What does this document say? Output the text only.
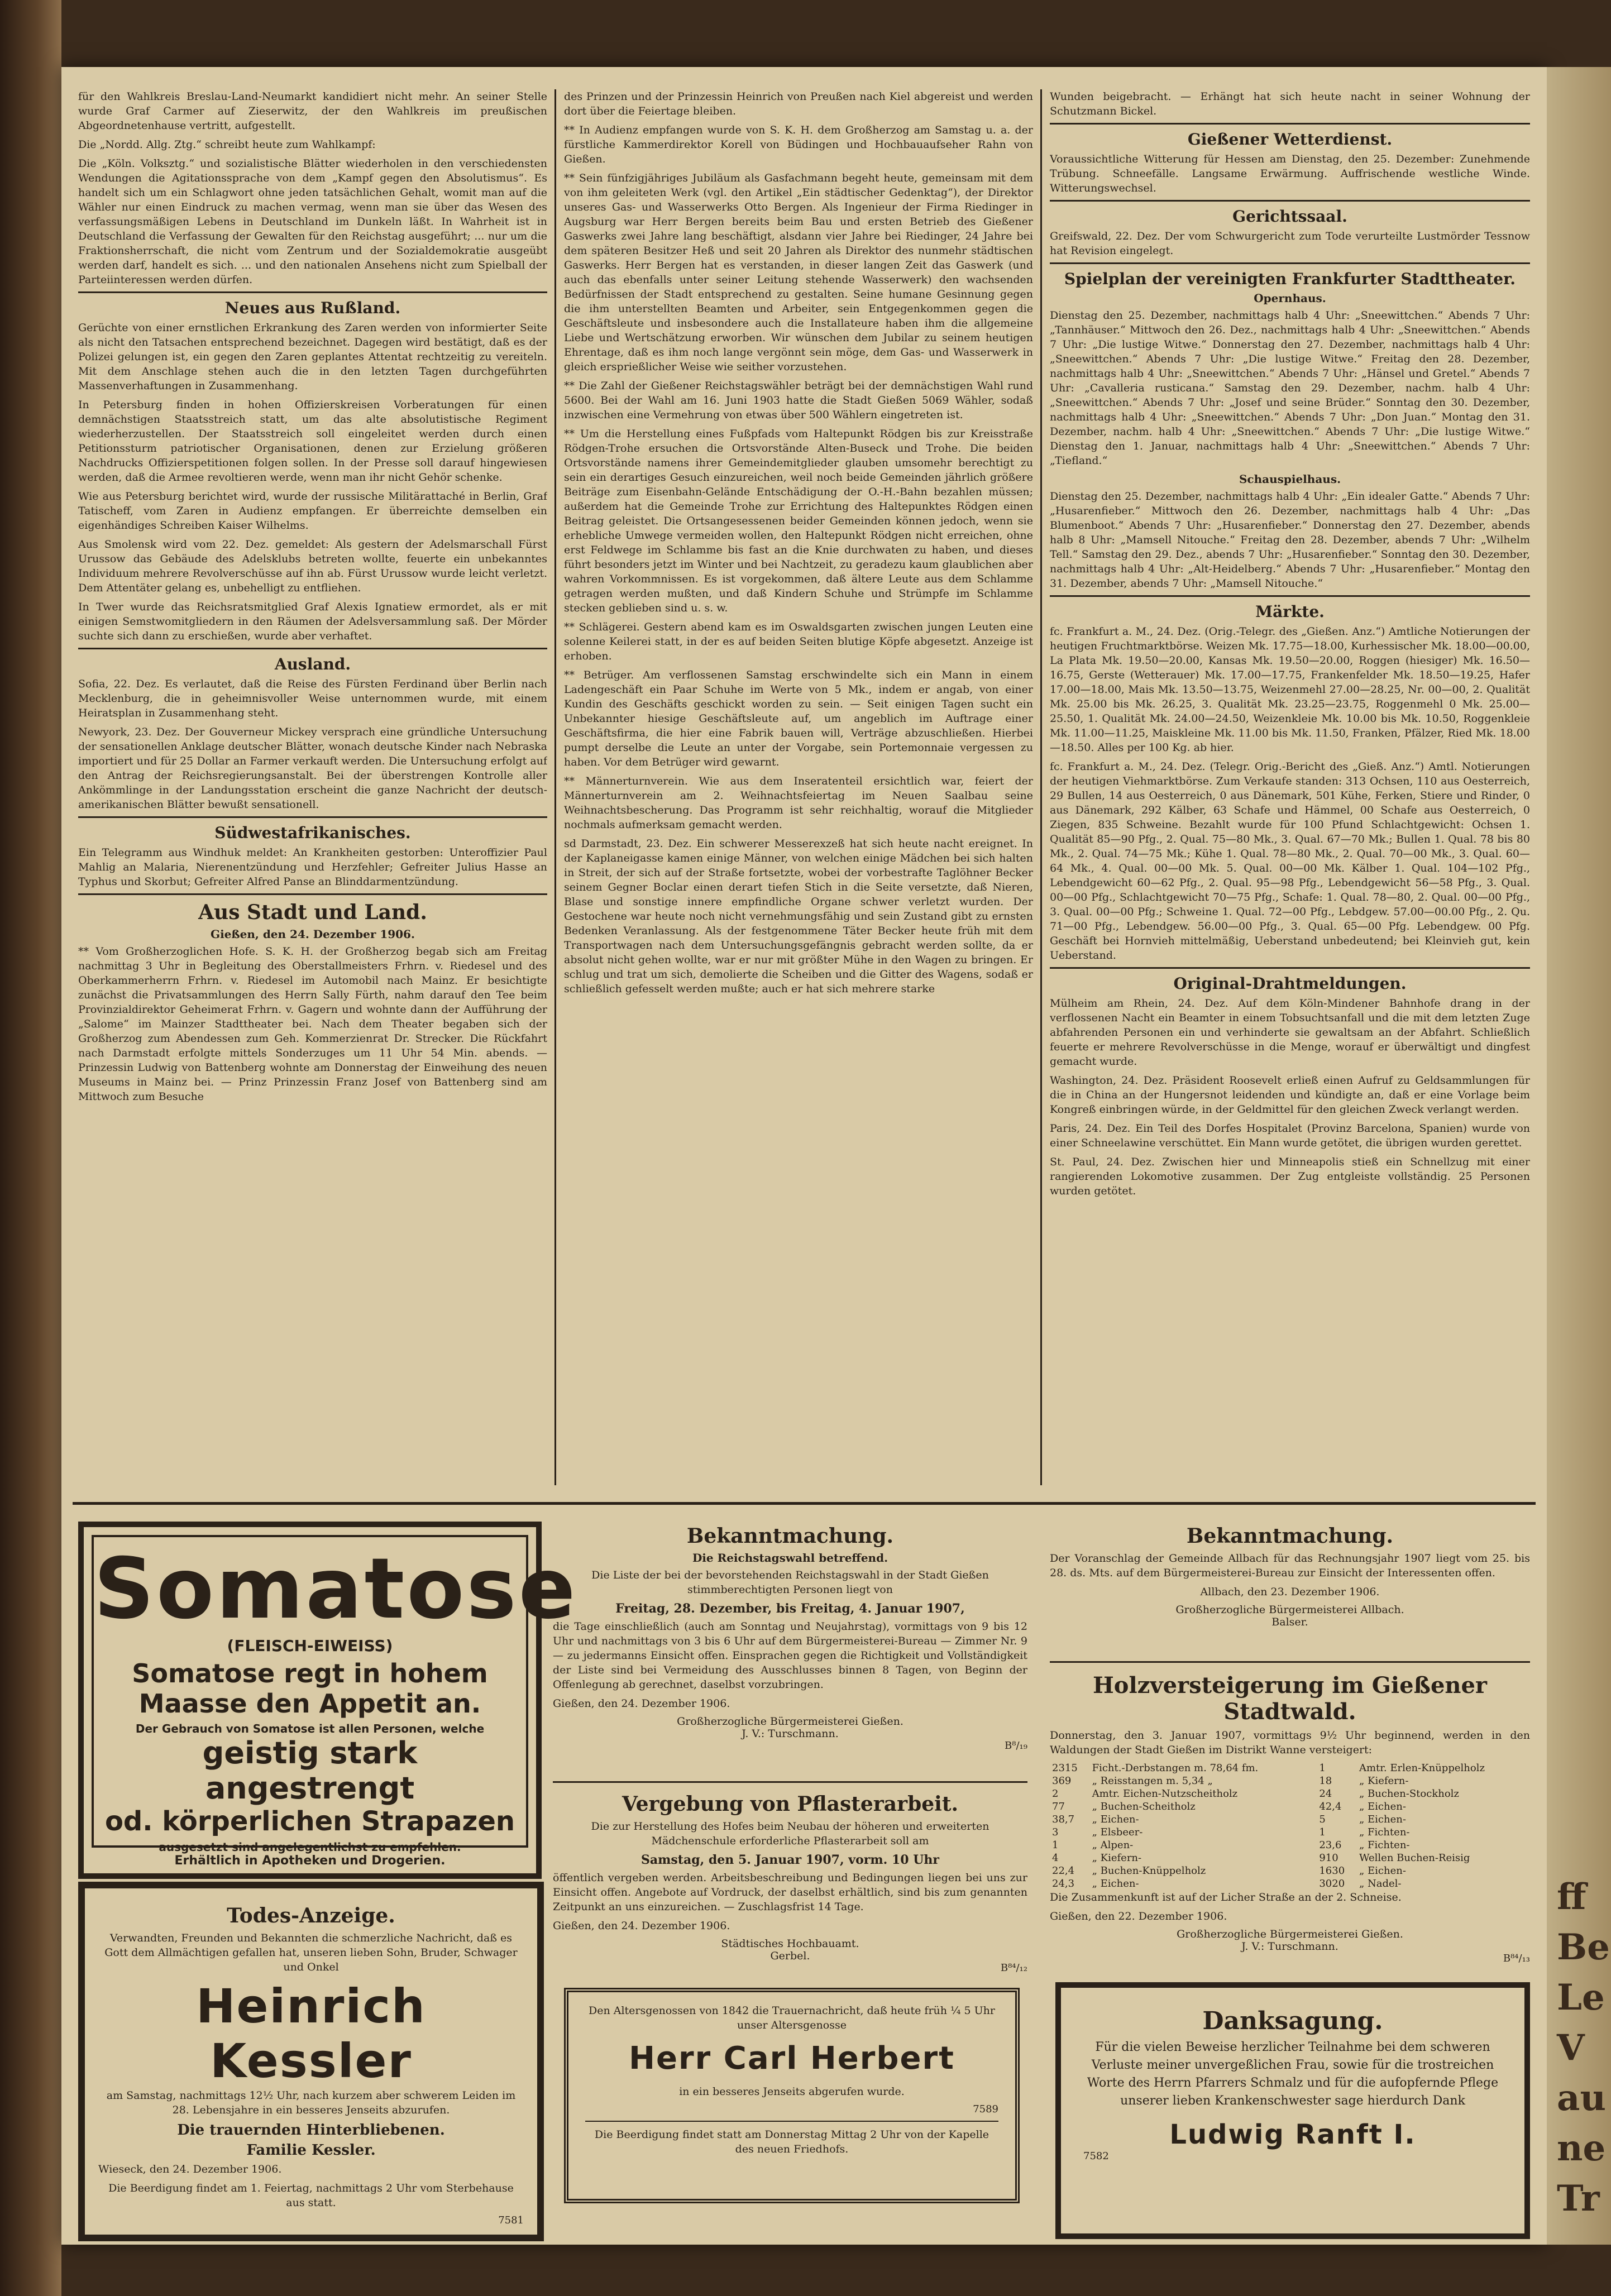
für den Wahlkreis Breslau-Land-Neumarkt kandidiert nicht mehr. An seiner Stelle wurde Graf Carmer auf Zieserwitz, der den Wahlkreis im preußischen Abgeordnetenhause vertritt, aufgestellt.

Die „Nordd. Allg. Ztg.“ schreibt heute zum Wahlkampf:

Die „Köln. Volksztg.“ und sozialistische Blätter wiederholen in den verschiedensten Wendungen die Agitationssprache von dem „Kampf gegen den Absolutismus“. Es handelt sich um ein Schlagwort ohne jeden tatsächlichen Gehalt, womit man auf die Wähler nur einen Eindruck zu machen vermag, wenn man sie über das Wesen des verfassungsmäßigen Lebens in Deutschland im Dunkeln läßt. In Wahrheit ist in Deutschland die Verfassung der Gewalten für den Reichstag ausgeführt; ... nur um die Fraktionsherrschaft, die nicht vom Zentrum und der Sozialdemokratie ausgeübt werden darf, handelt es sich. ... und den nationalen Ansehens nicht zum Spielball der Parteiinteressen werden dürfen.

Neues aus Rußland.

Gerüchte von einer ernstlichen Erkrankung des Zaren werden von informierter Seite als nicht den Tatsachen entsprechend bezeichnet. Dagegen wird bestätigt, daß es der Polizei gelungen ist, ein gegen den Zaren geplantes Attentat rechtzeitig zu vereiteln. Mit dem Anschlage stehen auch die in den letzten Tagen durchgeführten Massenverhaftungen in Zusammenhang.

In Petersburg finden in hohen Offizierskreisen Vorberatungen für einen demnächstigen Staatsstreich statt, um das alte absolutistische Regiment wiederherzustellen. Der Staatsstreich soll eingeleitet werden durch einen Petitionssturm patriotischer Organisationen, denen zur Erzielung größeren Nachdrucks Offizierspetitionen folgen sollen. In der Presse soll darauf hingewiesen werden, daß die Armee revoltieren werde, wenn man ihr nicht Gehör schenke.

Wie aus Petersburg berichtet wird, wurde der russische Militärattaché in Berlin, Graf Tatischeff, vom Zaren in Audienz empfangen. Er überreichte demselben ein eigenhändiges Schreiben Kaiser Wilhelms.

Aus Smolensk wird vom 22. Dez. gemeldet: Als gestern der Adelsmarschall Fürst Urussow das Gebäude des Adelsklubs betreten wollte, feuerte ein unbekanntes Individuum mehrere Revolverschüsse auf ihn ab. Fürst Urussow wurde leicht verletzt. Dem Attentäter gelang es, unbehelligt zu entfliehen.

In Twer wurde das Reichsratsmitglied Graf Alexis Ignatiew ermordet, als er mit einigen Semstwomitgliedern in den Räumen der Adelsversammlung saß. Der Mörder suchte sich dann zu erschießen, wurde aber verhaftet.

Ausland.

Sofia, 22. Dez. Es verlautet, daß die Reise des Fürsten Ferdinand über Berlin nach Mecklenburg, die in geheimnisvoller Weise unternommen wurde, mit einem Heiratsplan in Zusammenhang steht.

Newyork, 23. Dez. Der Gouverneur Mickey versprach eine gründliche Untersuchung der sensationellen Anklage deutscher Blätter, wonach deutsche Kinder nach Nebraska importiert und für 25 Dollar an Farmer verkauft werden. Die Untersuchung erfolgt auf den Antrag der Reichsregierungsanstalt. Bei der überstrengen Kontrolle aller Ankömmlinge in der Landungsstation erscheint die ganze Nachricht der deutsch-amerikanischen Blätter bewußt sensationell.

Südwestafrikanisches.

Ein Telegramm aus Windhuk meldet: An Krankheiten gestorben: Unteroffizier Paul Mahlig an Malaria, Nierenentzündung und Herzfehler; Gefreiter Julius Hasse an Typhus und Skorbut; Gefreiter Alfred Panse an Blinddarmentzündung.

Aus Stadt und Land.
Gießen, den 24. Dezember 1906.

** Vom Großherzoglichen Hofe. S. K. H. der Großherzog begab sich am Freitag nachmittag 3 Uhr in Begleitung des Oberstallmeisters Frhrn. v. Riedesel und des Oberkammerherrn Frhrn. v. Riedesel im Automobil nach Mainz. Er besichtigte zunächst die Privatsammlungen des Herrn Sally Fürth, nahm darauf den Tee beim Provinzialdirektor Geheimerat Frhrn. v. Gagern und wohnte dann der Aufführung der „Salome“ im Mainzer Stadttheater bei. Nach dem Theater begaben sich der Großherzog zum Abendessen zum Geh. Kommerzienrat Dr. Strecker. Die Rückfahrt nach Darmstadt erfolgte mittels Sonderzuges um 11 Uhr 54 Min. abends. — Prinzessin Ludwig von Battenberg wohnte am Donnerstag der Einweihung des neuen Museums in Mainz bei. — Prinz Prinzessin Franz Josef von Battenberg sind am Mittwoch zum Besuche

des Prinzen und der Prinzessin Heinrich von Preußen nach Kiel abgereist und werden dort über die Feiertage bleiben.

** In Audienz empfangen wurde von S. K. H. dem Großherzog am Samstag u. a. der fürstliche Kammerdirektor Korell von Büdingen und Hochbauaufseher Rahn von Gießen.

** Sein fünfzigjähriges Jubiläum als Gasfachmann begeht heute, gemeinsam mit dem von ihm geleiteten Werk (vgl. den Artikel „Ein städtischer Gedenktag“), der Direktor unseres Gas- und Wasserwerks Otto Bergen. Als Ingenieur der Firma Riedinger in Augsburg war Herr Bergen bereits beim Bau und ersten Betrieb des Gießener Gaswerks zwei Jahre lang beschäftigt, alsdann vier Jahre bei Riedinger, 24 Jahre bei dem späteren Besitzer Heß und seit 20 Jahren als Direktor des nunmehr städtischen Gaswerks. Herr Bergen hat es verstanden, in dieser langen Zeit das Gaswerk (und auch das ebenfalls unter seiner Leitung stehende Wasserwerk) den wachsenden Bedürfnissen der Stadt entsprechend zu gestalten. Seine humane Gesinnung gegen die ihm unterstellten Beamten und Arbeiter, sein Entgegenkommen gegen die Geschäftsleute und insbesondere auch die Installateure haben ihm die allgemeine Liebe und Wertschätzung erworben. Wir wünschen dem Jubilar zu seinem heutigen Ehrentage, daß es ihm noch lange vergönnt sein möge, dem Gas- und Wasserwerk in gleich ersprießlicher Weise wie seither vorzustehen.

** Die Zahl der Gießener Reichstagswähler beträgt bei der demnächstigen Wahl rund 5600. Bei der Wahl am 16. Juni 1903 hatte die Stadt Gießen 5069 Wähler, sodaß inzwischen eine Vermehrung von etwas über 500 Wählern eingetreten ist.

** Um die Herstellung eines Fußpfads vom Haltepunkt Rödgen bis zur Kreisstraße Rödgen-Trohe ersuchen die Ortsvorstände Alten-Buseck und Trohe. Die beiden Ortsvorstände namens ihrer Gemeindemitglieder glauben umsomehr berechtigt zu sein ein derartiges Gesuch einzureichen, weil noch beide Gemeinden jährlich größere Beiträge zum Eisenbahn-Gelände Entschädigung der O.-H.-Bahn bezahlen müssen; außerdem hat die Gemeinde Trohe zur Errichtung des Haltepunktes Rödgen einen Beitrag geleistet. Die Ortsangesessenen beider Gemeinden können jedoch, wenn sie erhebliche Umwege vermeiden wollen, den Haltepunkt Rödgen nicht erreichen, ohne erst Feldwege im Schlamme bis fast an die Knie durchwaten zu haben, und dieses führt besonders jetzt im Winter und bei Nachtzeit, zu geradezu kaum glaublichen aber wahren Vorkommnissen. Es ist vorgekommen, daß ältere Leute aus dem Schlamme getragen werden mußten, und daß Kindern Schuhe und Strümpfe im Schlamme stecken geblieben sind u. s. w.

** Schlägerei. Gestern abend kam es im Oswaldsgarten zwischen jungen Leuten eine solenne Keilerei statt, in der es auf beiden Seiten blutige Köpfe abgesetzt. Anzeige ist erhoben.

** Betrüger. Am verflossenen Samstag erschwindelte sich ein Mann in einem Ladengeschäft ein Paar Schuhe im Werte von 5 Mk., indem er angab, von einer Kundin des Geschäfts geschickt worden zu sein. — Seit einigen Tagen sucht ein Unbekannter hiesige Geschäftsleute auf, um angeblich im Auftrage einer Geschäftsfirma, die hier eine Fabrik bauen will, Verträge abzuschließen. Hierbei pumpt derselbe die Leute an unter der Vorgabe, sein Portemonnaie vergessen zu haben. Vor dem Betrüger wird gewarnt.

** Männerturnverein. Wie aus dem Inseratenteil ersichtlich war, feiert der Männerturnverein am 2. Weihnachtsfeiertag im Neuen Saalbau seine Weihnachtsbescherung. Das Programm ist sehr reichhaltig, worauf die Mitglieder nochmals aufmerksam gemacht werden.

sd Darmstadt, 23. Dez. Ein schwerer Messerexzeß hat sich heute nacht ereignet. In der Kaplaneigasse kamen einige Männer, von welchen einige Mädchen bei sich halten in Streit, der sich auf der Straße fortsetzte, wobei der vorbestrafte Taglöhner Becker seinem Gegner Boclar einen derart tiefen Stich in die Seite versetzte, daß Nieren, Blase und sonstige innere empfindliche Organe schwer verletzt wurden. Der Gestochene war heute noch nicht vernehmungsfähig und sein Zustand gibt zu ernsten Bedenken Veranlassung. Als der festgenommene Täter Becker heute früh mit dem Transportwagen nach dem Untersuchungsgefängnis gebracht werden sollte, da er absolut nicht gehen wollte, war er nur mit größter Mühe in den Wagen zu bringen. Er schlug und trat um sich, demolierte die Scheiben und die Gitter des Wagens, sodaß er schließlich gefesselt werden mußte; auch er hat sich mehrere starke

Wunden beigebracht. — Erhängt hat sich heute nacht in seiner Wohnung der Schutzmann Bickel.

Gießener Wetterdienst.

Voraussichtliche Witterung für Hessen am Dienstag, den 25. Dezember: Zunehmende Trübung. Schneefälle. Langsame Erwärmung. Auffrischende westliche Winde. Witterungswechsel.

Gerichtssaal.

Greifswald, 22. Dez. Der vom Schwurgericht zum Tode verurteilte Lustmörder Tessnow hat Revision eingelegt.

Spielplan der vereinigten Frankfurter Stadttheater.
Opernhaus.

Dienstag den 25. Dezember, nachmittags halb 4 Uhr: „Sneewittchen.“ Abends 7 Uhr: „Tannhäuser.“ Mittwoch den 26. Dez., nachmittags halb 4 Uhr: „Sneewittchen.“ Abends 7 Uhr: „Die lustige Witwe.“ Donnerstag den 27. Dezember, nachmittags halb 4 Uhr: „Sneewittchen.“ Abends 7 Uhr: „Die lustige Witwe.“ Freitag den 28. Dezember, nachmittags halb 4 Uhr: „Sneewittchen.“ Abends 7 Uhr: „Hänsel und Gretel.“ Abends 7 Uhr: „Cavalleria rusticana.“ Samstag den 29. Dezember, nachm. halb 4 Uhr: „Sneewittchen.“ Abends 7 Uhr: „Josef und seine Brüder.“ Sonntag den 30. Dezember, nachmittags halb 4 Uhr: „Sneewittchen.“ Abends 7 Uhr: „Don Juan.“ Montag den 31. Dezember, nachm. halb 4 Uhr: „Sneewittchen.“ Abends 7 Uhr: „Die lustige Witwe.“ Dienstag den 1. Januar, nachmittags halb 4 Uhr: „Sneewittchen.“ Abends 7 Uhr: „Tiefland.“

Schauspielhaus.

Dienstag den 25. Dezember, nachmittags halb 4 Uhr: „Ein idealer Gatte.“ Abends 7 Uhr: „Husarenfieber.“ Mittwoch den 26. Dezember, nachmittags halb 4 Uhr: „Das Blumenboot.“ Abends 7 Uhr: „Husarenfieber.“ Donnerstag den 27. Dezember, abends halb 8 Uhr: „Mamsell Nitouche.“ Freitag den 28. Dezember, abends 7 Uhr: „Wilhelm Tell.“ Samstag den 29. Dez., abends 7 Uhr: „Husarenfieber.“ Sonntag den 30. Dezember, nachmittags halb 4 Uhr: „Alt-Heidelberg.“ Abends 7 Uhr: „Husarenfieber.“ Montag den 31. Dezember, abends 7 Uhr: „Mamsell Nitouche.“

Märkte.

fc. Frankfurt a. M., 24. Dez. (Orig.-Telegr. des „Gießen. Anz.“) Amtliche Notierungen der heutigen Fruchtmarktbörse. Weizen Mk. 17.75—18.00, Kurhessischer Mk. 18.00—00.00, La Plata Mk. 19.50—20.00, Kansas Mk. 19.50—20.00, Roggen (hiesiger) Mk. 16.50—16.75, Gerste (Wetterauer) Mk. 17.00—17.75, Frankenfelder Mk. 18.50—19.25, Hafer 17.00—18.00, Mais Mk. 13.50—13.75, Weizenmehl 27.00—28.25, Nr. 00—00, 2. Qualität Mk. 25.00 bis Mk. 26.25, 3. Qualität Mk. 23.25—23.75, Roggenmehl 0 Mk. 25.00—25.50, 1. Qualität Mk. 24.00—24.50, Weizenkleie Mk. 10.00 bis Mk. 10.50, Roggenkleie Mk. 11.00—11.25, Maiskleine Mk. 11.00 bis Mk. 11.50, Franken, Pfälzer, Ried Mk. 18.00—18.50. Alles per 100 Kg. ab hier.

fc. Frankfurt a. M., 24. Dez. (Telegr. Orig.-Bericht des „Gieß. Anz.“) Amtl. Notierungen der heutigen Viehmarktbörse. Zum Verkaufe standen: 313 Ochsen, 110 aus Oesterreich, 29 Bullen, 14 aus Oesterreich, 0 aus Dänemark, 501 Kühe, Ferken, Stiere und Rinder, 0 aus Dänemark, 292 Kälber, 63 Schafe und Hämmel, 00 Schafe aus Oesterreich, 0 Ziegen, 835 Schweine. Bezahlt wurde für 100 Pfund Schlachtgewicht: Ochsen 1. Qualität 85—90 Pfg., 2. Qual. 75—80 Mk., 3. Qual. 67—70 Mk.; Bullen 1. Qual. 78 bis 80 Mk., 2. Qual. 74—75 Mk.; Kühe 1. Qual. 78—80 Mk., 2. Qual. 70—00 Mk., 3. Qual. 60—64 Mk., 4. Qual. 00—00 Mk. 5. Qual. 00—00 Mk. Kälber 1. Qual. 104—102 Pfg., Lebendgewicht 60—62 Pfg., 2. Qual. 95—98 Pfg., Lebendgewicht 56—58 Pfg., 3. Qual. 00—00 Pfg., Schlachtgewicht 70—75 Pfg., Schafe: 1. Qual. 78—80, 2. Qual. 00—00 Pfg., 3. Qual. 00—00 Pfg.; Schweine 1. Qual. 72—00 Pfg., Lebdgew. 57.00—00.00 Pfg., 2. Qu. 71—00 Pfg., Lebendgew. 56.00—00 Pfg., 3. Qual. 65—00 Pfg. Lebendgew. 00 Pfg. Geschäft bei Hornvieh mittelmäßig, Ueberstand unbedeutend; bei Kleinvieh gut, kein Ueberstand.

Original-Drahtmeldungen.

Mülheim am Rhein, 24. Dez. Auf dem Köln-Mindener Bahnhofe drang in der verflossenen Nacht ein Beamter in einem Tobsuchtsanfall und die mit dem letzten Zuge abfahrenden Personen ein und verhinderte sie gewaltsam an der Abfahrt. Schließlich feuerte er mehrere Revolverschüsse in die Menge, worauf er überwältigt und dingfest gemacht wurde.

Washington, 24. Dez. Präsident Roosevelt erließ einen Aufruf zu Geldsammlungen für die in China an der Hungersnot leidenden und kündigte an, daß er eine Vorlage beim Kongreß einbringen würde, in der Geldmittel für den gleichen Zweck verlangt werden.

Paris, 24. Dez. Ein Teil des Dorfes Hospitalet (Provinz Barcelona, Spanien) wurde von einer Schneelawine verschüttet. Ein Mann wurde getötet, die übrigen wurden gerettet.

St. Paul, 24. Dez. Zwischen hier und Minneapolis stieß ein Schnellzug mit einer rangierenden Lokomotive zusammen. Der Zug entgleiste vollständig. 25 Personen wurden getötet.

Somatose
(FLEISCH-EIWEISS)
Somatose regt in hohem
Maasse den Appetit an.
Der Gebrauch von Somatose ist allen Personen, welche
geistig stark angestrengt
od. körperlichen Strapazen
ausgesetzt sind angelegentlichst zu empfehlen.
Erhältlich in Apotheken und Drogerien.
Todes-Anzeige.

Verwandten, Freunden und Bekannten die schmerzliche Nachricht, daß es Gott dem Allmächtigen gefallen hat, unseren lieben Sohn, Bruder, Schwager und Onkel

Heinrich Kessler

am Samstag, nachmittags 12½ Uhr, nach kurzem aber schwerem Leiden im 28. Lebensjahre in ein besseres Jenseits abzurufen.

Die trauernden Hinterbliebenen.
Familie Kessler.

Wieseck, den 24. Dezember 1906.

Die Beerdigung findet am 1. Feiertag, nachmittags 2 Uhr vom Sterbehause aus statt.

7581
Bekanntmachung.
Die Reichstagswahl betreffend.

Die Liste der bei der bevorstehenden Reichstagswahl in der Stadt Gießen stimmberechtigten Personen liegt von

Freitag, 28. Dezember, bis Freitag, 4. Januar 1907,

die Tage einschließlich (auch am Sonntag und Neujahrstag), vormittags von 9 bis 12 Uhr und nachmittags von 3 bis 6 Uhr auf dem Bürgermeisterei-Bureau — Zimmer Nr. 9 — zu jedermanns Einsicht offen. Einsprachen gegen die Richtigkeit und Vollständigkeit der Liste sind bei Vermeidung des Ausschlusses binnen 8 Tagen, von Beginn der Offenlegung ab gerechnet, daselbst vorzubringen.

Gießen, den 24. Dezember 1906.

Großherzogliche Bürgermeisterei Gießen.
J. V.: Turschmann.
B⁸/₁₉
Vergebung von Pflasterarbeit.

Die zur Herstellung des Hofes beim Neubau der höheren und erweiterten Mädchenschule erforderliche Pflasterarbeit soll am

Samstag, den 5. Januar 1907, vorm. 10 Uhr

öffentlich vergeben werden. Arbeitsbeschreibung und Bedingungen liegen bei uns zur Einsicht offen. Angebote auf Vordruck, der daselbst erhältlich, sind bis zum genannten Zeitpunkt an uns einzureichen. — Zuschlagsfrist 14 Tage.

Gießen, den 24. Dezember 1906.

Städtisches Hochbauamt.
Gerbel.
B⁸⁴/₁₂

Den Altersgenossen von 1842 die Trauernachricht, daß heute früh ¼ 5 Uhr unser Altersgenosse

Herr Carl Herbert

in ein besseres Jenseits abgerufen wurde.

7589

Die Beerdigung findet statt am Donnerstag Mittag 2 Uhr von der Kapelle des neuen Friedhofs.

Bekanntmachung.

Der Voranschlag der Gemeinde Allbach für das Rechnungsjahr 1907 liegt vom 25. bis 28. ds. Mts. auf dem Bürgermeisterei-Bureau zur Einsicht der Interessenten offen.

Allbach, den 23. Dezember 1906.

Großherzogliche Bürgermeisterei Allbach.
Balser.
Holzversteigerung im Gießener Stadtwald.

Donnerstag, den 3. Januar 1907, vormittags 9½ Uhr beginnend, werden in den Waldungen der Stadt Gießen im Distrikt Wanne versteigert:

2315	Ficht.-Derbstangen m. 78,64 fm.	1	Amtr. Erlen-Knüppelholz
369	„ Reisstangen m. 5,34 „	18	„ Kiefern-
2	Amtr. Eichen-Nutzscheitholz	24	„ Buchen-Stockholz
77	„ Buchen-Scheitholz	42,4	„ Eichen-
38,7	„ Eichen-	5	„ Eichen-
3	„ Elsbeer-	1	„ Fichten-
1	„ Alpen-	23,6	„ Fichten-
4	„ Kiefern-	910	Wellen Buchen-Reisig
22,4	„ Buchen-Knüppelholz	1630	„ Eichen-
24,3	„ Eichen-	3020	„ Nadel-

Die Zusammenkunft ist auf der Licher Straße an der 2. Schneise.

Gießen, den 22. Dezember 1906.

Großherzogliche Bürgermeisterei Gießen.
J. V.: Turschmann.
B⁸⁴/₁₃
Danksagung.

Für die vielen Beweise herzlicher Teilnahme bei dem schweren Verluste meiner unvergeßlichen Frau, sowie für die trostreichen Worte des Herrn Pfarrers Schmalz und für die aufopfernde Pflege unserer lieben Krankenschwester sage hierdurch Dank

Ludwig Ranft I.
7582
ff
Be
Le
V
au
ne
Tr
